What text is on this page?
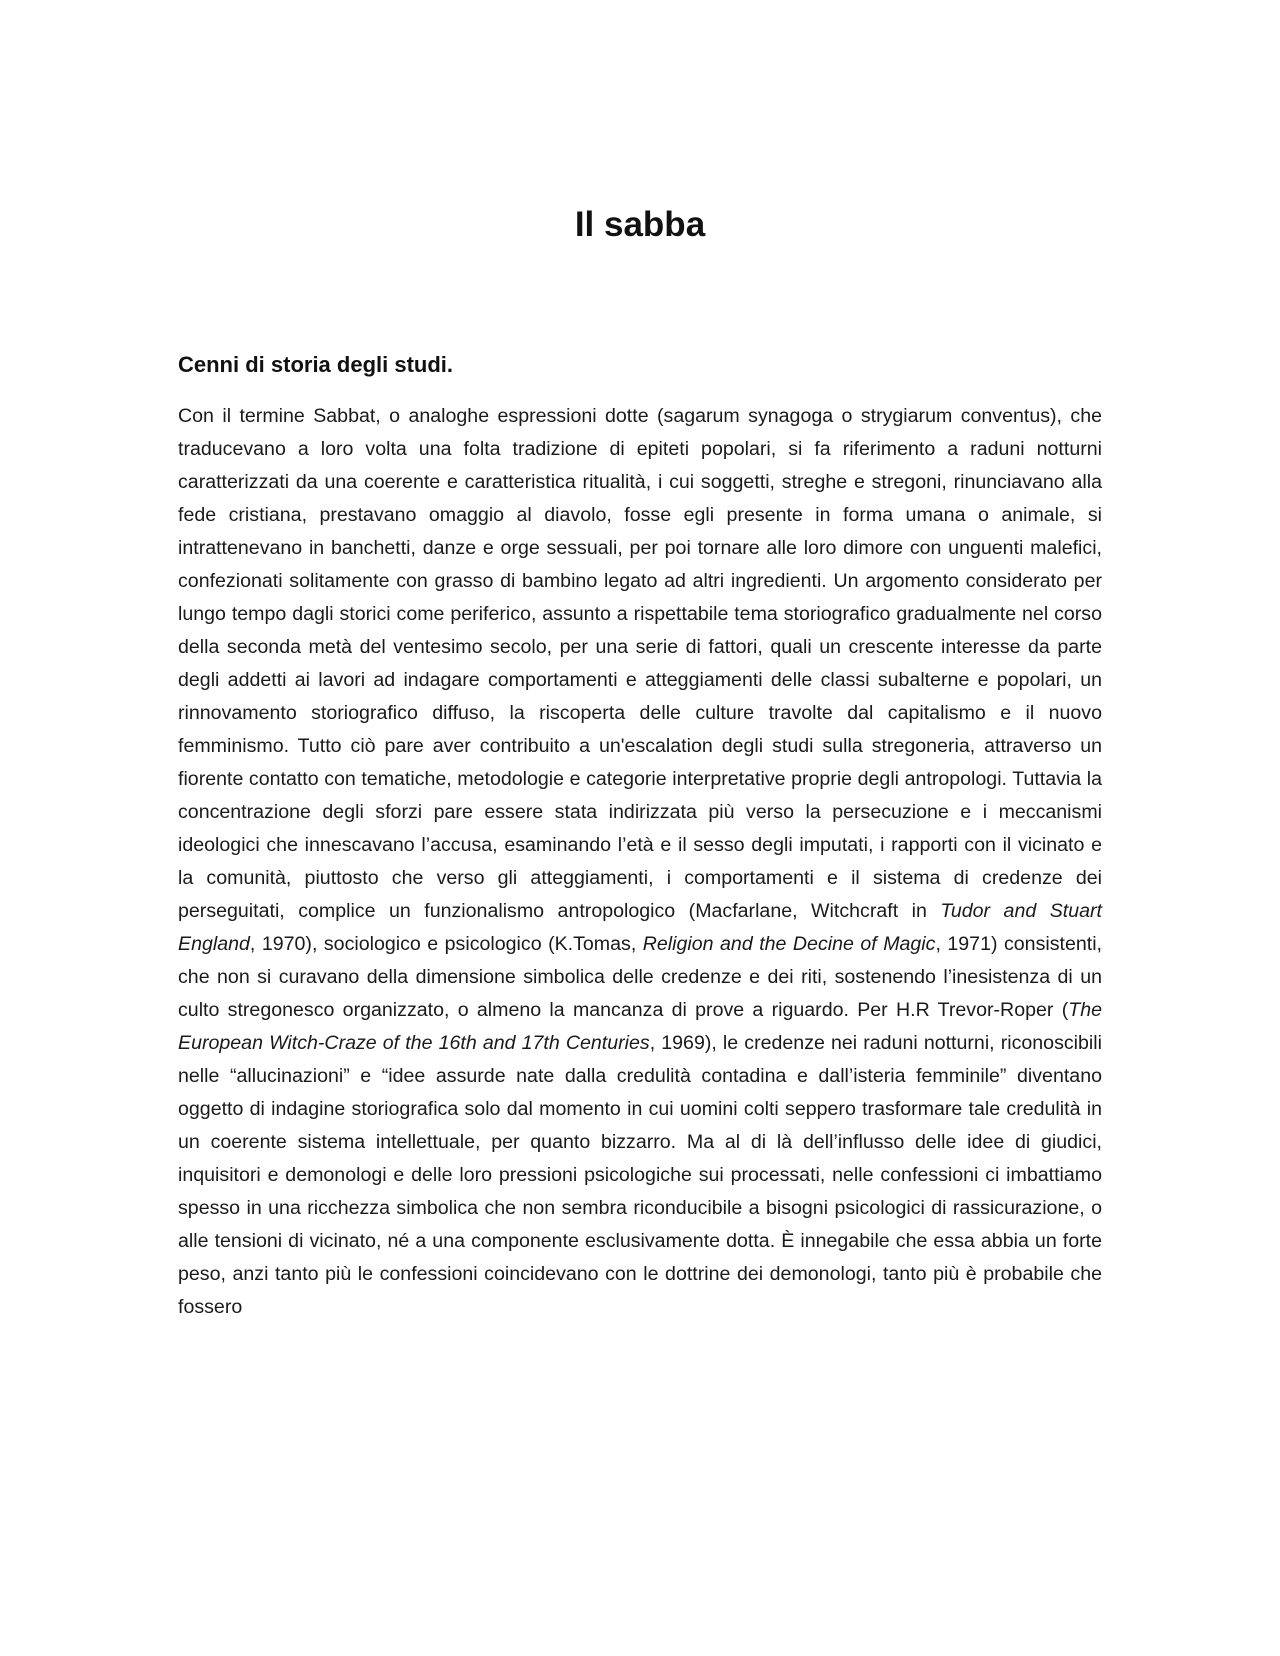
Il sabba
Cenni di storia degli studi.

Con il termine Sabbat, o analoghe espressioni dotte (sagarum synagoga o strygiarum conventus), che traducevano a loro volta una folta tradizione di epiteti popolari, si fa riferimento a raduni notturni caratterizzati da una coerente e caratteristica ritualità, i cui soggetti, streghe e stregoni, rinunciavano alla fede cristiana, prestavano omaggio al diavolo, fosse egli presente in forma umana o animale, si intrattenevano in banchetti, danze e orge sessuali, per poi tornare alle loro dimore con unguenti malefici, confezionati solitamente con grasso di bambino legato ad altri ingredienti. Un argomento considerato per lungo tempo dagli storici come periferico, assunto a rispettabile tema storiografico gradualmente nel corso della seconda metà del ventesimo secolo, per una serie di fattori, quali un crescente interesse da parte degli addetti ai lavori ad indagare comportamenti e atteggiamenti delle classi subalterne e popolari, un rinnovamento storiografico diffuso, la riscoperta delle culture travolte dal capitalismo e il nuovo femminismo. Tutto ciò pare aver contribuito a un'escalation degli studi sulla stregoneria, attraverso un fiorente contatto con tematiche, metodologie e categorie interpretative proprie degli antropologi. Tuttavia la concentrazione degli sforzi pare essere stata indirizzata più verso la persecuzione e i meccanismi ideologici che innescavano l’accusa, esaminando l’età e il sesso degli imputati, i rapporti con il vicinato e la comunità, piuttosto che verso gli atteggiamenti, i comportamenti e il sistema di credenze dei perseguitati, complice un funzionalismo antropologico (Macfarlane, Witchcraft in Tudor and Stuart England, 1970), sociologico e psicologico (K.Tomas, Religion and the Decine of Magic, 1971) consistenti, che non si curavano della dimensione simbolica delle credenze e dei riti, sostenendo l’inesistenza di un culto stregonesco organizzato, o almeno la mancanza di prove a riguardo. Per H.R Trevor-Roper (The European Witch-Craze of the 16th and 17th Centuries, 1969), le credenze nei raduni notturni, riconoscibili nelle “allucinazioni” e “idee assurde nate dalla credulità contadina e dall’isteria femminile” diventano oggetto di indagine storiografica solo dal momento in cui uomini colti seppero trasformare tale credulità in un coerente sistema intellettuale, per quanto bizzarro. Ma al di là dell’influsso delle idee di giudici, inquisitori e demonologi e delle loro pressioni psicologiche sui processati, nelle confessioni ci imbattiamo spesso in una ricchezza simbolica che non sembra riconducibile a bisogni psicologici di rassicurazione, o alle tensioni di vicinato, né a una componente esclusivamente dotta. È innegabile che essa abbia un forte peso, anzi tanto più le confessioni coincidevano con le dottrine dei demonologi, tanto più è probabile che fossero
